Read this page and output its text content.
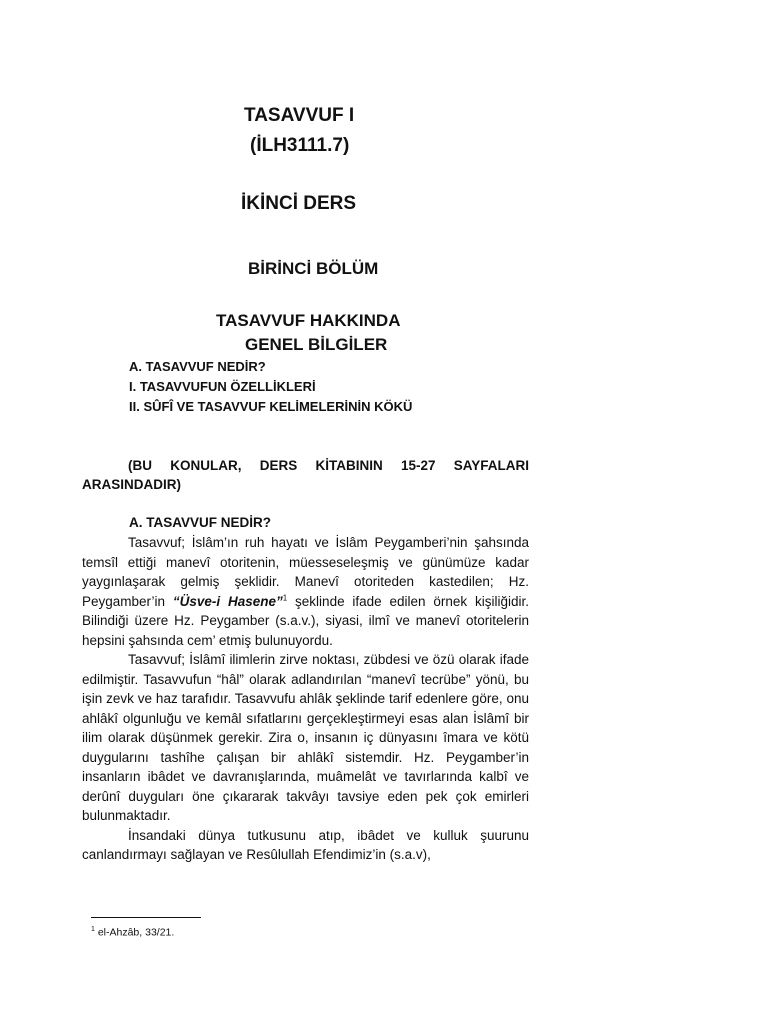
TASAVVUF I
(İLH3111.7)
İKİNCİ DERS
BİRİNCİ BÖLÜM
TASAVVUF HAKKINDA
GENEL BİLGİLER
A. TASAVVUF NEDİR?
I. TASAVVUFUN ÖZELLİKLERİ
II. SÛFÎ VE TASAVVUF KELİMELERİNİN KÖKÜ
(BU KONULAR, DERS KİTABININ 15-27 SAYFALARI ARASINDADIR)
A. TASAVVUF NEDİR?

Tasavvuf; İslâm’ın ruh hayatı ve İslâm Peygamberi’nin şahsında temsîl ettiği manevî otoritenin, müesseseleşmiş ve günümüze kadar yaygınlaşarak gelmiş şeklidir. Manevî otoriteden kastedilen; Hz. Peygamber’in “Üsve-i Hasene”$^1$ şeklinde ifade edilen örnek kişiliğidir. Bilindiği üzere Hz. Peygamber (s.a.v.), siyasi, ilmî ve manevî otoritelerin hepsini şahsında cem’ etmiş bulunuyordu.

Tasavvuf; İslâmî ilimlerin zirve noktası, zübdesi ve özü olarak ifade edilmiştir. Tasavvufun “hâl” olarak adlandırılan “manevî tecrübe” yönü, bu işin zevk ve haz tarafıdır. Tasavvufu ahlâk şeklinde tarif edenlere göre, onu ahlâkî olgunluğu ve kemâl sıfatlarını gerçekleştirmeyi esas alan İslâmî bir ilim olarak düşünmek gerekir. Zira o, insanın iç dünyasını îmara ve kötü duygularını tashîhe çalışan bir ahlâkî sistemdir. Hz. Peygamber’in insanların ibâdet ve davranışlarında, muâmelât ve tavırlarında kalbî ve derûnî duyguları öne çıkararak takvâyı tavsiye eden pek çok emirleri bulunmaktadır.

İnsandaki dünya tutkusunu atıp, ibâdet ve kulluk şuurunu canlandırmayı sağlayan ve Resûlullah Efendimiz’in (s.a.v),

$^1$ el-Ahzâb, 33/21.
